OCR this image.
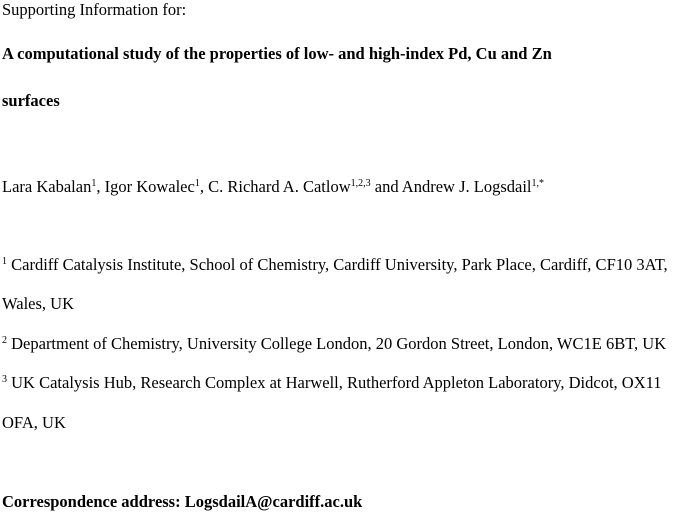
Supporting Information for:
A computational study of the properties of low- and high-index Pd, Cu and Zn
surfaces
Lara Kabalan$^1$, Igor Kowalec$^1$, C. Richard A. Catlow$^{1,2,3}$ and Andrew J. Logsdail$^{1,*}$
$^1$ Cardiff Catalysis Institute, School of Chemistry, Cardiff University, Park Place, Cardiff, CF10 3AT,
Wales, UK
$^2$ Department of Chemistry, University College London, 20 Gordon Street, London, WC1E 6BT, UK
$^3$ UK Catalysis Hub, Research Complex at Harwell, Rutherford Appleton Laboratory, Didcot, OX11
OFA, UK
Correspondence address: LogsdailA@cardiff.ac.uk
